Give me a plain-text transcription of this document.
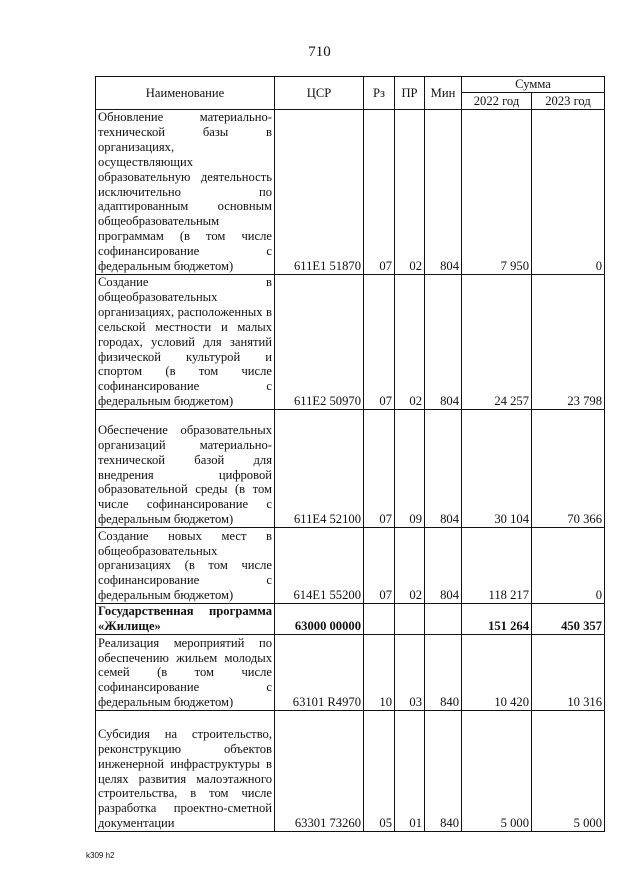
710
Наименование	ЦСР	Рз	ПР	Мин	Сумма	
					2022 год	2023 год
Обновление материально-технической базы в организациях, осуществляющих образовательную деятельность исключительно по адаптированным основным общеобразовательным программам (в том числе софинансирование с федеральным бюджетом)	611E1 51870	07	02	804	7 950	0
Создание в общеобразовательных организациях, расположенных в сельской местности и малых городах, условий для занятий физической культурой и спортом (в том числе софинансирование с федеральным бюджетом)	611E2 50970	07	02	804	24 257	23 798
Обеспечение образовательных организаций материально-технической базой для внедрения цифровой образовательной среды (в том числе софинансирование с федеральным бюджетом)	611E4 52100	07	09	804	30 104	70 366
Создание новых мест в общеобразовательных организациях (в том числе софинансирование с федеральным бюджетом)	614E1 55200	07	02	804	118 217	0
Государственная программа «Жилище»	63000 00000				151 264	450 357
Реализация мероприятий по обеспечению жильем молодых семей (в том числе софинансирование с федеральным бюджетом)	63101 R4970	10	03	840	10 420	10 316
Субсидия на строительство, реконструкцию объектов инженерной инфраструктуры в целях развития малоэтажного строительства, в том числе разработка проектно-сметной документации	63301 73260	05	01	840	5 000	5 000
k309 h2
